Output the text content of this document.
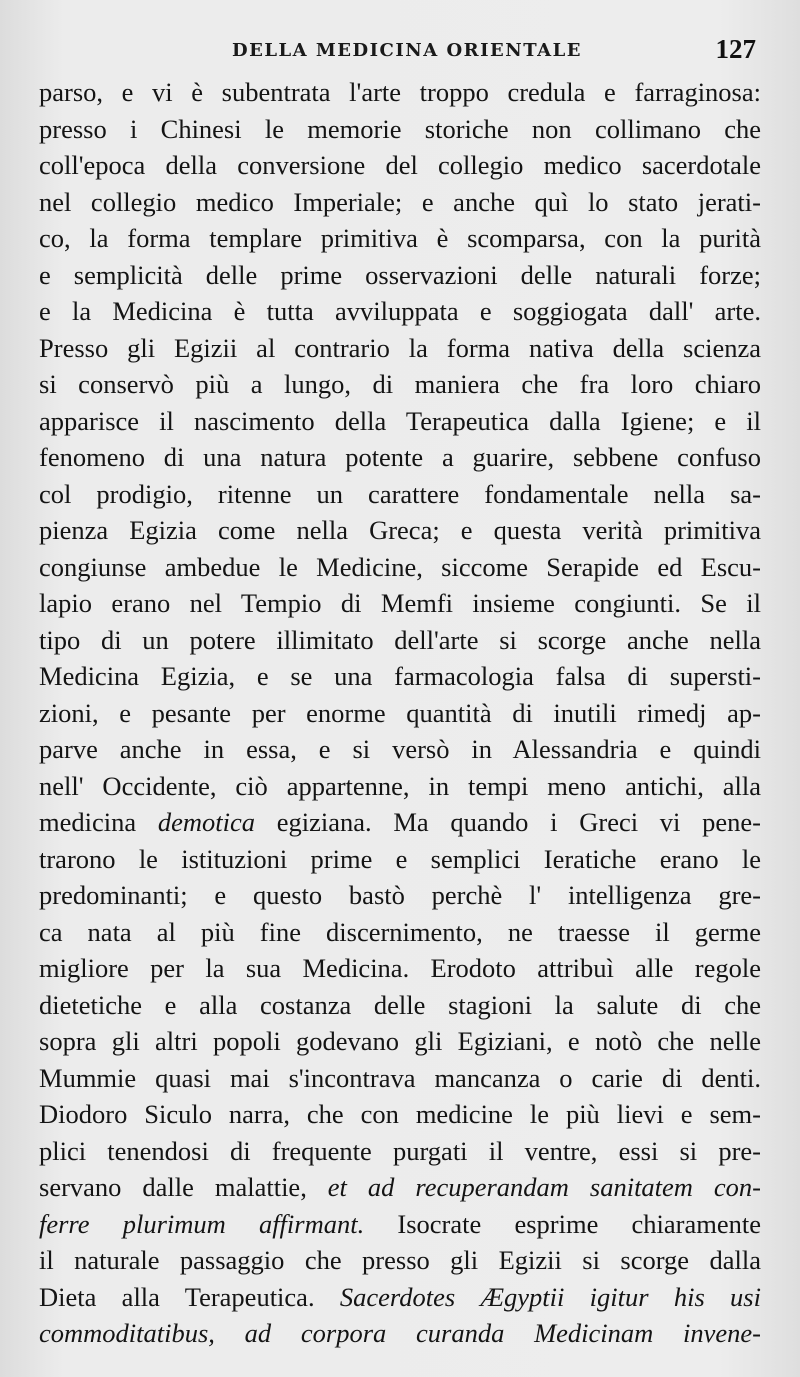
DELLA MEDICINA ORIENTALE	127
parso, e vi è subentrata l'arte troppo credula e farraginosa:
presso i Chinesi le memorie storiche non collimano che
coll'epoca della conversione del collegio medico sacerdotale
nel collegio medico Imperiale; e anche quì lo stato jerati-
co, la forma templare primitiva è scomparsa, con la purità
e semplicità delle prime osservazioni delle naturali forze;
e la Medicina è tutta avviluppata e soggiogata dall' arte.
Presso gli Egizii al contrario la forma nativa della scienza
si conservò più a lungo, di maniera che fra loro chiaro
apparisce il nascimento della Terapeutica dalla Igiene; e il
fenomeno di una natura potente a guarire, sebbene confuso
col prodigio, ritenne un carattere fondamentale nella sa-
pienza Egizia come nella Greca; e questa verità primitiva
congiunse ambedue le Medicine, siccome Serapide ed Escu-
lapio erano nel Tempio di Memfi insieme congiunti. Se il
tipo di un potere illimitato dell'arte si scorge anche nella
Medicina Egizia, e se una farmacologia falsa di supersti-
zioni, e pesante per enorme quantità di inutili rimedj ap-
parve anche in essa, e si versò in Alessandria e quindi
nell' Occidente, ciò appartenne, in tempi meno antichi, alla
medicina demotica egiziana. Ma quando i Greci vi pene-
trarono le istituzioni prime e semplici Ieratiche erano le
predominanti; e questo bastò perchè l' intelligenza gre-
ca nata al più fine discernimento, ne traesse il germe
migliore per la sua Medicina. Erodoto attribuì alle regole
dietetiche e alla costanza delle stagioni la salute di che
sopra gli altri popoli godevano gli Egiziani, e notò che nelle
Mummie quasi mai s'incontrava mancanza o carie di denti.
Diodoro Siculo narra, che con medicine le più lievi e sem-
plici tenendosi di frequente purgati il ventre, essi si pre-
servano dalle malattie, et ad recuperandam sanitatem con-
ferre plurimum affirmant. Isocrate esprime chiaramente
il naturale passaggio che presso gli Egizii si scorge dalla
Dieta alla Terapeutica. Sacerdotes Ægyptii igitur his usi
commoditatibus, ad corpora curanda Medicinam invene-
